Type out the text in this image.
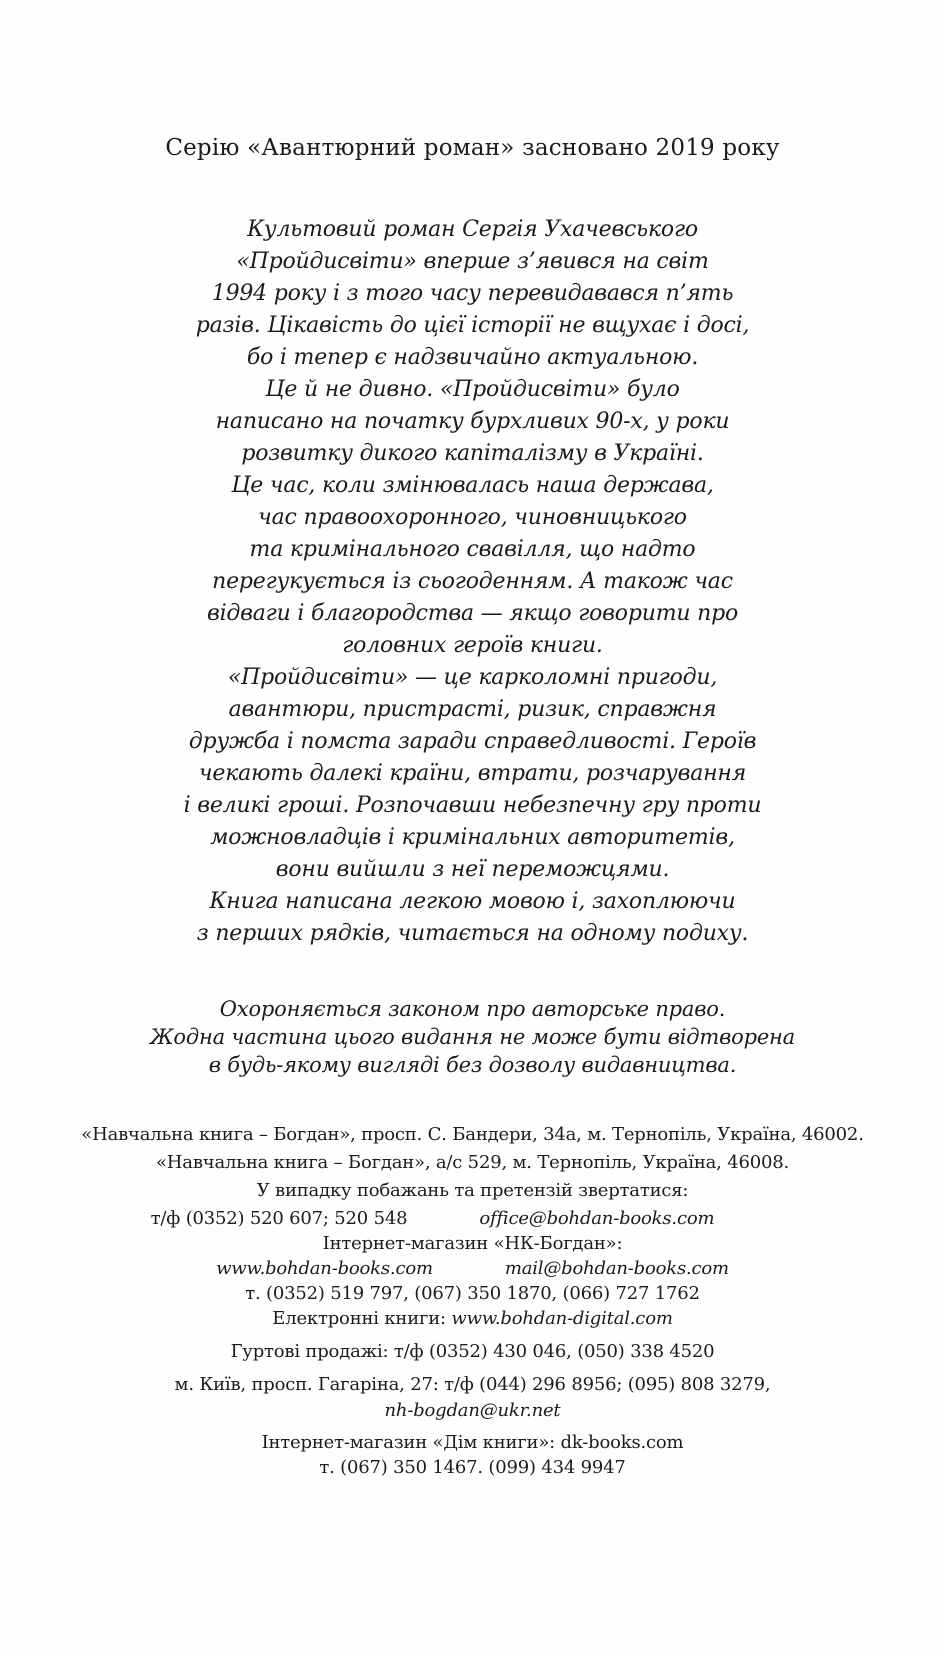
Серію «Авантюрний роман» засновано 2019 року
Культовий роман Сергія Ухачевського
«Пройдисвіти» вперше з’явився на світ
1994 року і з того часу перевидавався п’ять
разів. Цікавість до цієї історії не вщухає і досі,
бо і тепер є надзвичайно актуальною.
Це й не дивно. «Пройдисвіти» було
написано на початку бурхливих 90-х, у роки
розвитку дикого капіталізму в Україні.
Це час, коли змінювалась наша держава,
час правоохоронного, чиновницького
та кримінального свавілля, що надто
перегукується із сьогоденням. А також час
відваги і благородства — якщо говорити про
головних героїв книги.
«Пройдисвіти» — це карколомні пригоди,
авантюри, пристрасті, ризик, справжня
дружба і помста заради справедливості. Героїв
чекають далекі країни, втрати, розчарування
і великі гроші. Розпочавши небезпечну гру проти
можновладців і кримінальних авторитетів,
вони вийшли з неї переможцями.
Книга написана легкою мовою і, захоплюючи
з перших рядків, читається на одному подиху.
Охороняється законом про авторське право.
Жодна частина цього видання не може бути відтворена
в будь-якому вигляді без дозволу видавництва.
«Навчальна книга – Богдан», просп. С. Бандери, 34а, м. Тернопіль, Україна, 46002.
«Навчальна книга – Богдан», а/с 529, м. Тернопіль, Україна, 46008.
У випадку побажань та претензій звертатися:
т/ф (0352) 520 607; 520 548	office@bohdan-books.com
Інтернет-магазин «НК-Богдан»:
www.bohdan-books.com	mail@bohdan-books.com
т. (0352) 519 797, (067) 350 1870, (066) 727 1762
Електронні книги: www.bohdan-digital.com
Гуртові продажі: т/ф (0352) 430 046, (050) 338 4520
м. Київ, просп. Гагаріна, 27: т/ф (044) 296 8956; (095) 808 3279,
nh-bogdan@ukr.net
Інтернет-магазин «Дім книги»: dk-books.com
т. (067) 350 1467. (099) 434 9947
